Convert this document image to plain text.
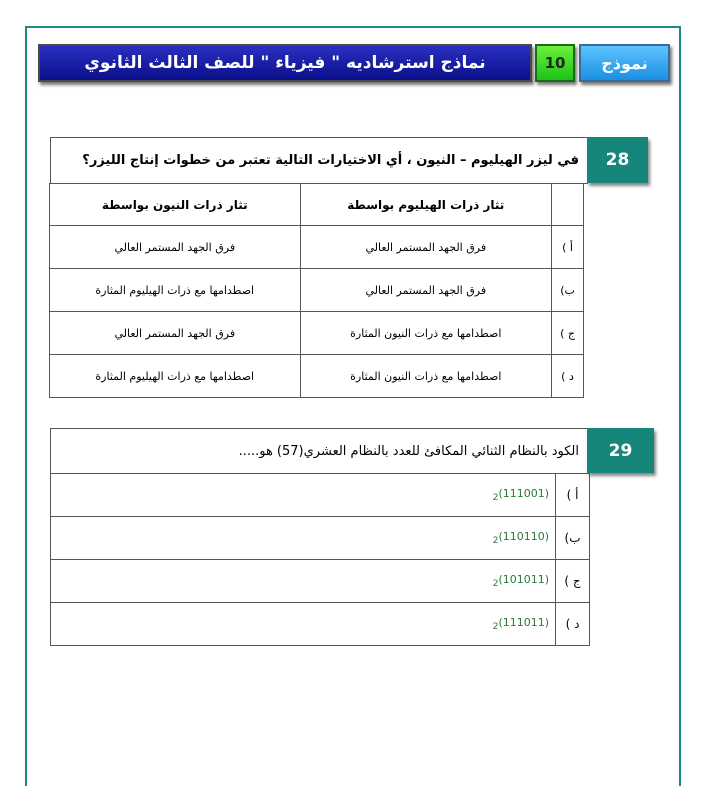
نماذج استرشاديه " فيزياء " للصف الثالث الثانوي	10	نموذج
في ليزر الهيليوم – النيون ، أي الاختيارات التالية تعتبر من خطوات إنتاج الليزر؟	28
	تثار ذرات الهيليوم بواسطة	تثار ذرات النيون بواسطة
أ )	فرق الجهد المستمر العالي	فرق الجهد المستمر العالي
ب)	فرق الجهد المستمر العالي	اصطدامها مع ذرات الهيليوم المثارة
ج )	اصطدامها مع ذرات النيون المثارة	فرق الجهد المستمر العالي
د )	اصطدامها مع ذرات النيون المثارة	اصطدامها مع ذرات الهيليوم المثارة
الكود بالنظام الثنائي المكافئ للعدد بالنظام العشري(57) هو.....	29
أ )	$(111001)_2$
ب)	$(110110)_2$
ج )	$(101011)_2$
د )	$(111011)_2$
